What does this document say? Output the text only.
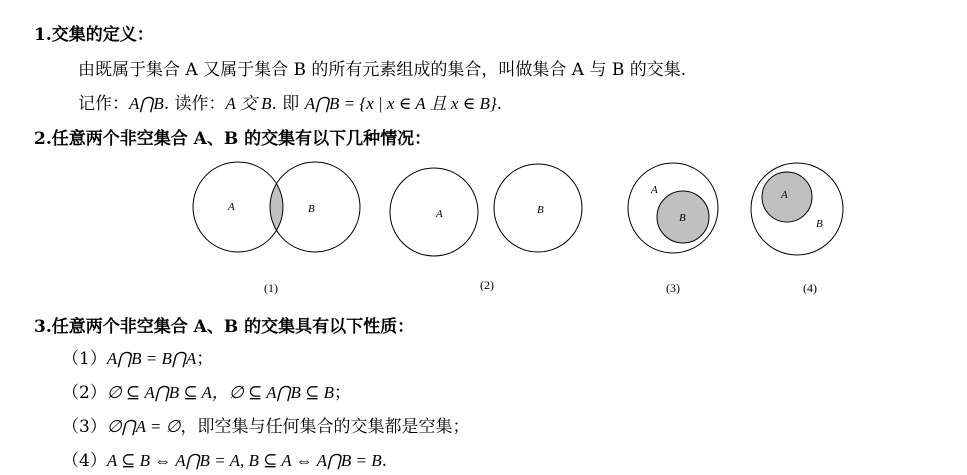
1.交集的定义：
由既属于集合 A 又属于集合 B 的所有元素组成的集合，叫做集合 A 与 B 的交集.
记作：A⋂B. 读作：A 交 B. 即 A⋂B = {x | x ∈ A 且 x ∈ B}.
2.任意两个非空集合 A、B 的交集有以下几种情况：
A	B
(1)
A	B
(2)
A
B
(3)
A
B
(4)
3.任意两个非空集合 A、B 的交集具有以下性质：
（1）A⋂B = B⋂A；
（2）∅ ⊆ A⋂B ⊆ A，∅ ⊆ A⋂B ⊆ B；
（3）∅⋂A = ∅，即空集与任何集合的交集都是空集；
（4）A ⊆ B ⇔ A⋂B = A, B ⊆ A ⇔ A⋂B = B.
